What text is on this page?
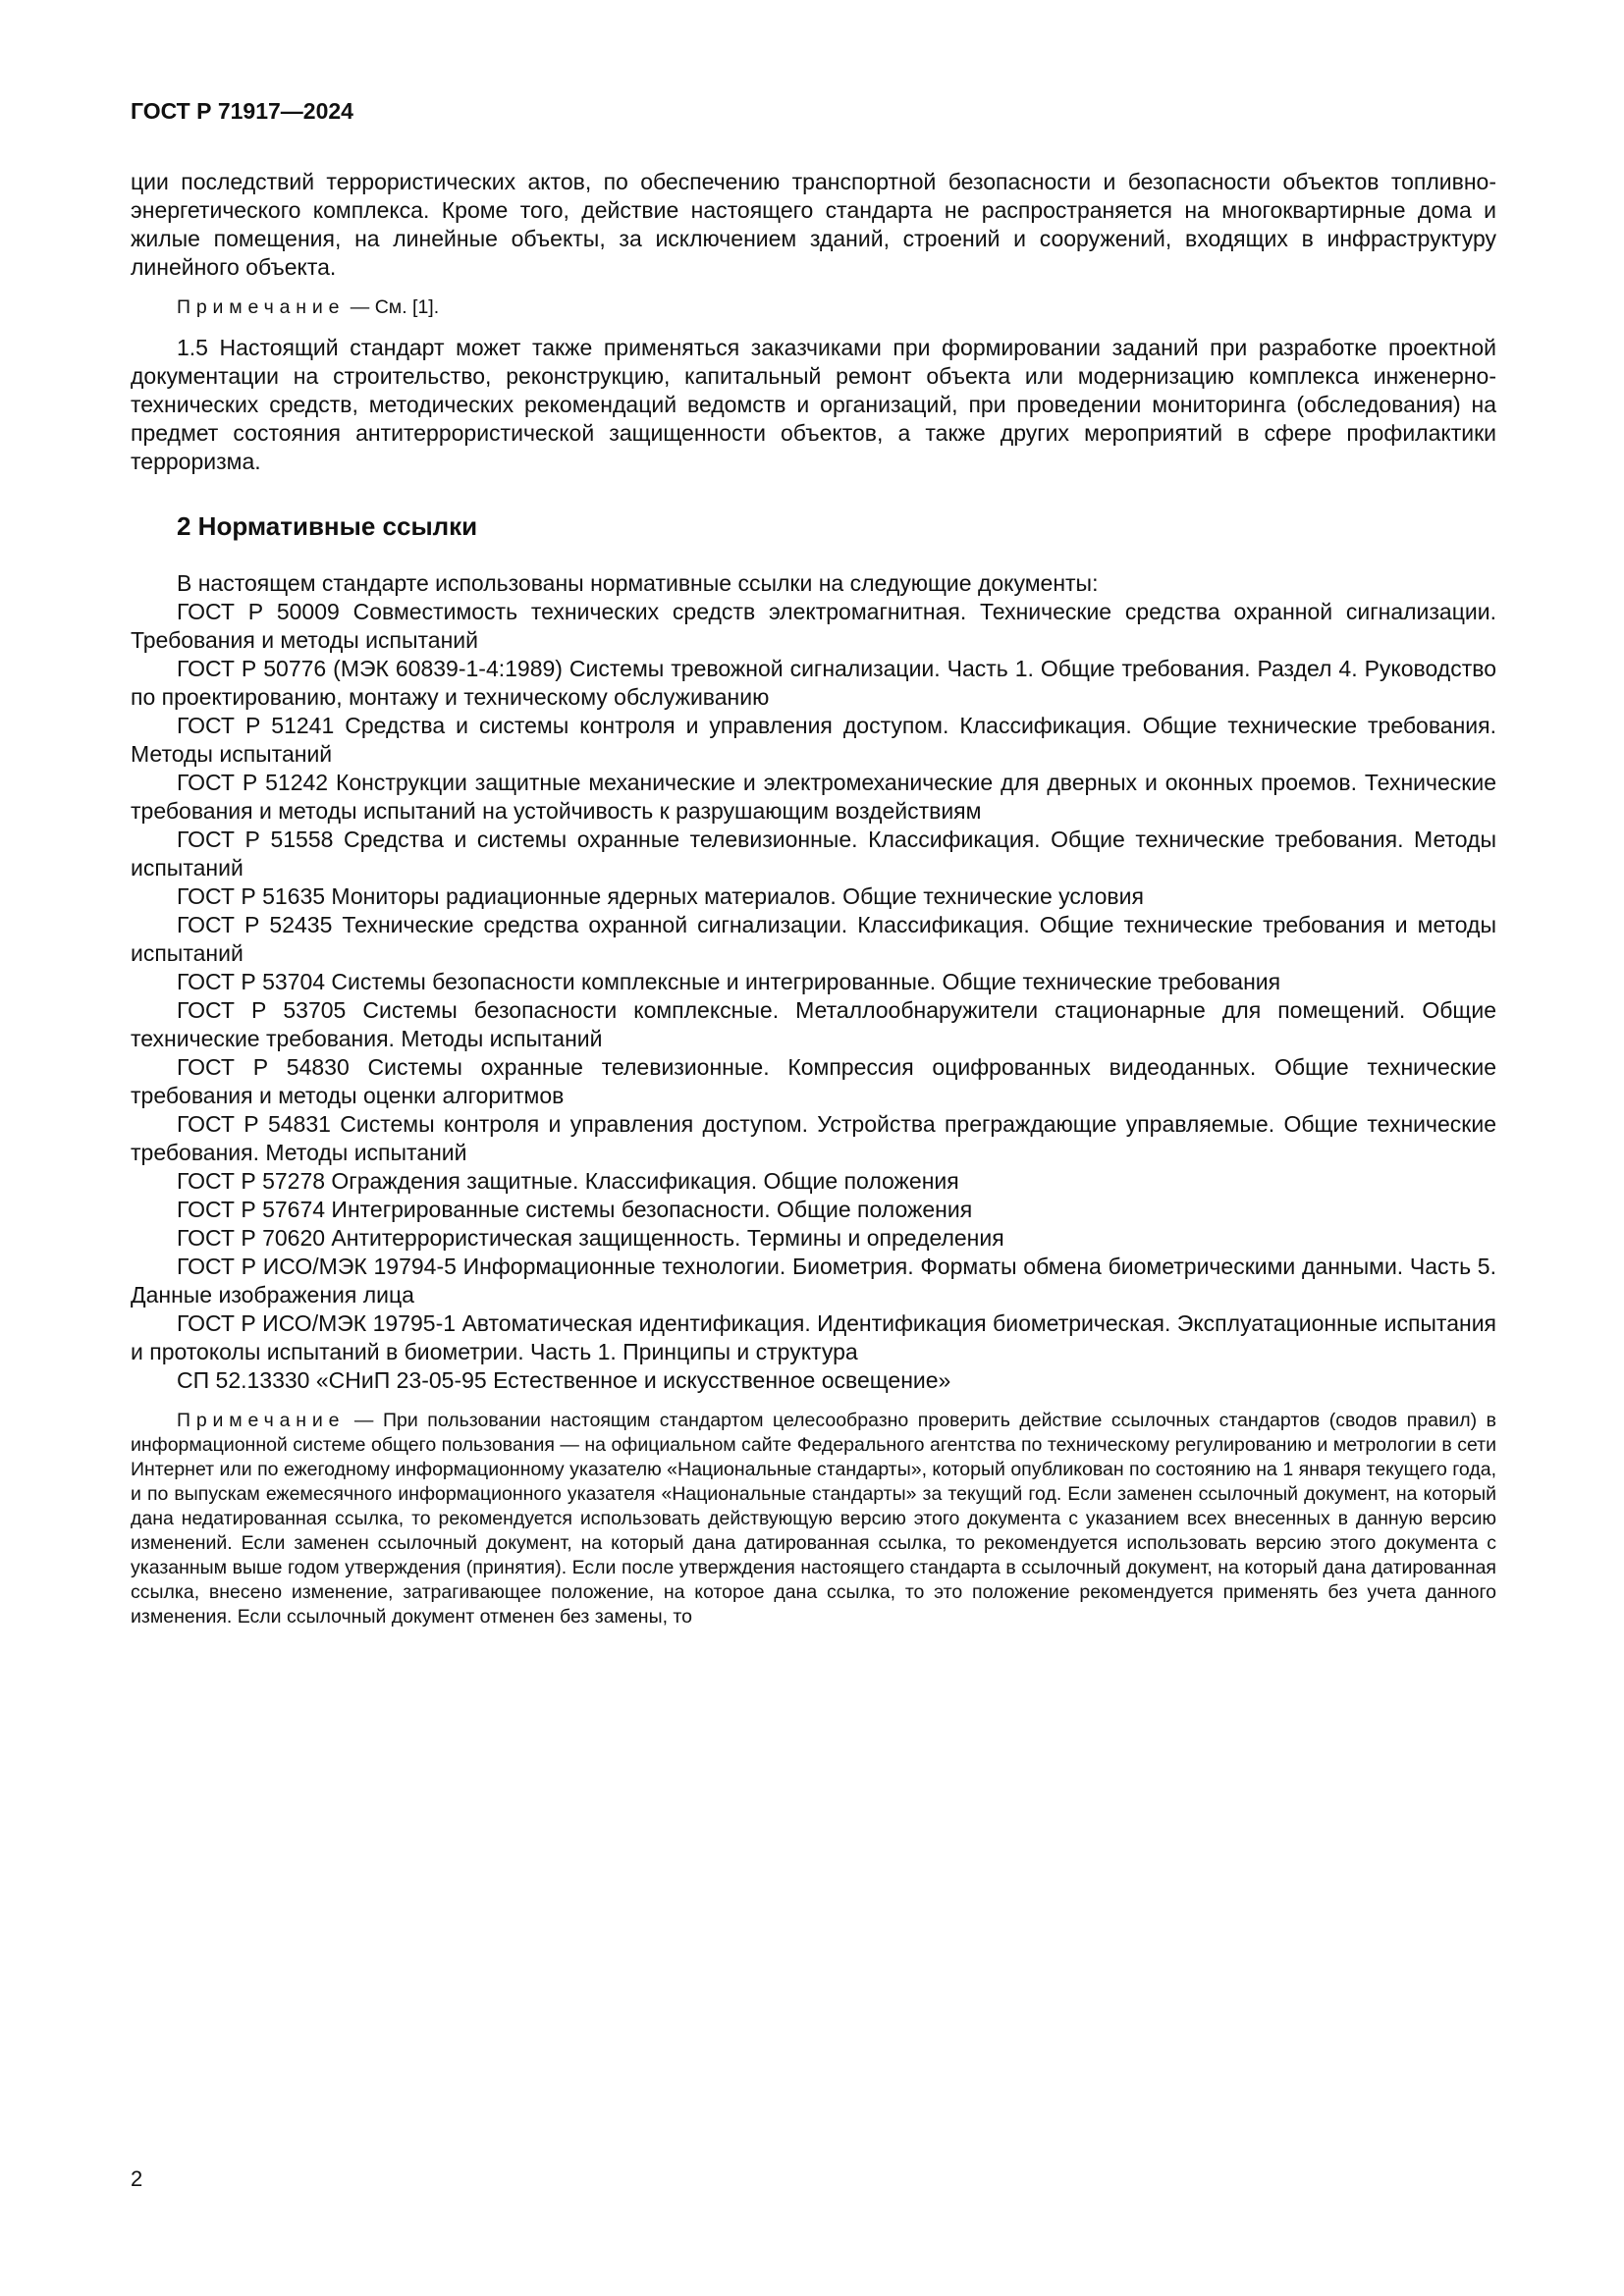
ГОСТ Р 71917—2024

ции последствий террористических актов, по обеспечению транспортной безопасности и безопасности объектов топливно-энергетического комплекса. Кроме того, действие настоящего стандарта не распространяется на многоквартирные дома и жилые помещения, на линейные объекты, за исключением зданий, строений и сооружений, входящих в инфраструктуру линейного объекта.

Примечание — См. [1].

1.5 Настоящий стандарт может также применяться заказчиками при формировании заданий при разработке проектной документации на строительство, реконструкцию, капитальный ремонт объекта или модернизацию комплекса инженерно-технических средств, методических рекомендаций ведомств и организаций, при проведении мониторинга (обследования) на предмет состояния антитеррористической защищенности объектов, а также других мероприятий в сфере профилактики терроризма.

2 Нормативные ссылки

В настоящем стандарте использованы нормативные ссылки на следующие документы:

ГОСТ Р 50009 Совместимость технических средств электромагнитная. Технические средства охранной сигнализации. Требования и методы испытаний

ГОСТ Р 50776 (МЭК 60839-1-4:1989) Системы тревожной сигнализации. Часть 1. Общие требования. Раздел 4. Руководство по проектированию, монтажу и техническому обслуживанию

ГОСТ Р 51241 Средства и системы контроля и управления доступом. Классификация. Общие технические требования. Методы испытаний

ГОСТ Р 51242 Конструкции защитные механические и электромеханические для дверных и оконных проемов. Технические требования и методы испытаний на устойчивость к разрушающим воздействиям

ГОСТ Р 51558 Средства и системы охранные телевизионные. Классификация. Общие технические требования. Методы испытаний

ГОСТ Р 51635 Мониторы радиационные ядерных материалов. Общие технические условия

ГОСТ Р 52435 Технические средства охранной сигнализации. Классификация. Общие технические требования и методы испытаний

ГОСТ Р 53704 Системы безопасности комплексные и интегрированные. Общие технические требования

ГОСТ Р 53705 Системы безопасности комплексные. Металлообнаружители стационарные для помещений. Общие технические требования. Методы испытаний

ГОСТ Р 54830 Системы охранные телевизионные. Компрессия оцифрованных видеоданных. Общие технические требования и методы оценки алгоритмов

ГОСТ Р 54831 Системы контроля и управления доступом. Устройства преграждающие управляемые. Общие технические требования. Методы испытаний

ГОСТ Р 57278 Ограждения защитные. Классификация. Общие положения

ГОСТ Р 57674 Интегрированные системы безопасности. Общие положения

ГОСТ Р 70620 Антитеррористическая защищенность. Термины и определения

ГОСТ Р ИСО/МЭК 19794-5 Информационные технологии. Биометрия. Форматы обмена биометрическими данными. Часть 5. Данные изображения лица

ГОСТ Р ИСО/МЭК 19795-1 Автоматическая идентификация. Идентификация биометрическая. Эксплуатационные испытания и протоколы испытаний в биометрии. Часть 1. Принципы и структура

СП 52.13330 «СНиП 23-05-95 Естественное и искусственное освещение»

Примечание — При пользовании настоящим стандартом целесообразно проверить действие ссылочных стандартов (сводов правил) в информационной системе общего пользования — на официальном сайте Федерального агентства по техническому регулированию и метрологии в сети Интернет или по ежегодному информационному указателю «Национальные стандарты», который опубликован по состоянию на 1 января текущего года, и по выпускам ежемесячного информационного указателя «Национальные стандарты» за текущий год. Если заменен ссылочный документ, на который дана недатированная ссылка, то рекомендуется использовать действующую версию этого документа с указанием всех внесенных в данную версию изменений. Если заменен ссылочный документ, на который дана датированная ссылка, то рекомендуется использовать версию этого документа с указанным выше годом утверждения (принятия). Если после утверждения настоящего стандарта в ссылочный документ, на который дана датированная ссылка, внесено изменение, затрагивающее положение, на которое дана ссылка, то это положение рекомендуется применять без учета данного изменения. Если ссылочный документ отменен без замены, то

2
